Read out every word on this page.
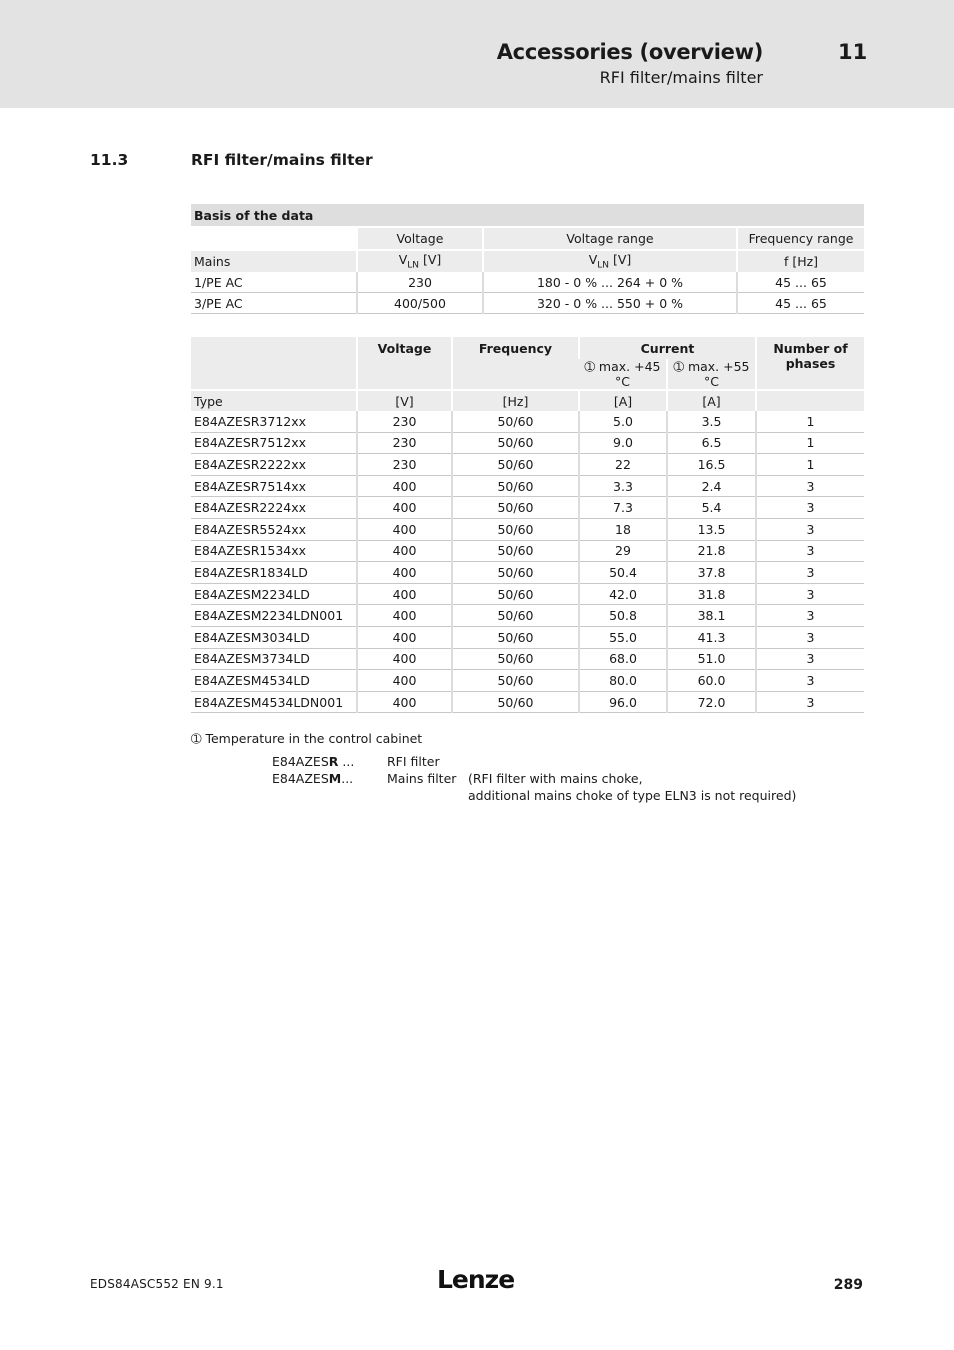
Accessories (overview)	11
RFI filter/mains filter
11.3	RFI filter/mains filter
Basis of the data			
	Voltage	Voltage range	Frequency range
Mains	$V_{LN}$ [V]	$V_{LN}$ [V]	f [Hz]
1/PE AC	230	180 - 0 % ... 264 + 0 %	45 ... 65
3/PE AC	400/500	320 - 0 % ... 550 + 0 %	45 ... 65
	Voltage	Frequency	Current		Number of phases
			➀ max. +45 °C	➀ max. +55 °C	
Type	[V]	[Hz]	[A]	[A]	
E84AZESR3712xx	230	50/60	5.0	3.5	1
E84AZESR7512xx	230	50/60	9.0	6.5	1
E84AZESR2222xx	230	50/60	22	16.5	1
E84AZESR7514xx	400	50/60	3.3	2.4	3
E84AZESR2224xx	400	50/60	7.3	5.4	3
E84AZESR5524xx	400	50/60	18	13.5	3
E84AZESR1534xx	400	50/60	29	21.8	3
E84AZESR1834LD	400	50/60	50.4	37.8	3
E84AZESM2234LD	400	50/60	42.0	31.8	3
E84AZESM2234LDN001	400	50/60	50.8	38.1	3
E84AZESM3034LD	400	50/60	55.0	41.3	3
E84AZESM3734LD	400	50/60	68.0	51.0	3
E84AZESM4534LD	400	50/60	80.0	60.0	3
E84AZESM4534LDN001	400	50/60	96.0	72.0	3
➀ Temperature in the control cabinet
E84AZESR ...	RFI filter
E84AZESM...	Mains filter (RFI filter with mains choke,
additional mains choke of type ELN3 is not required)
EDS84ASC552 EN 9.1	Lenze	289
